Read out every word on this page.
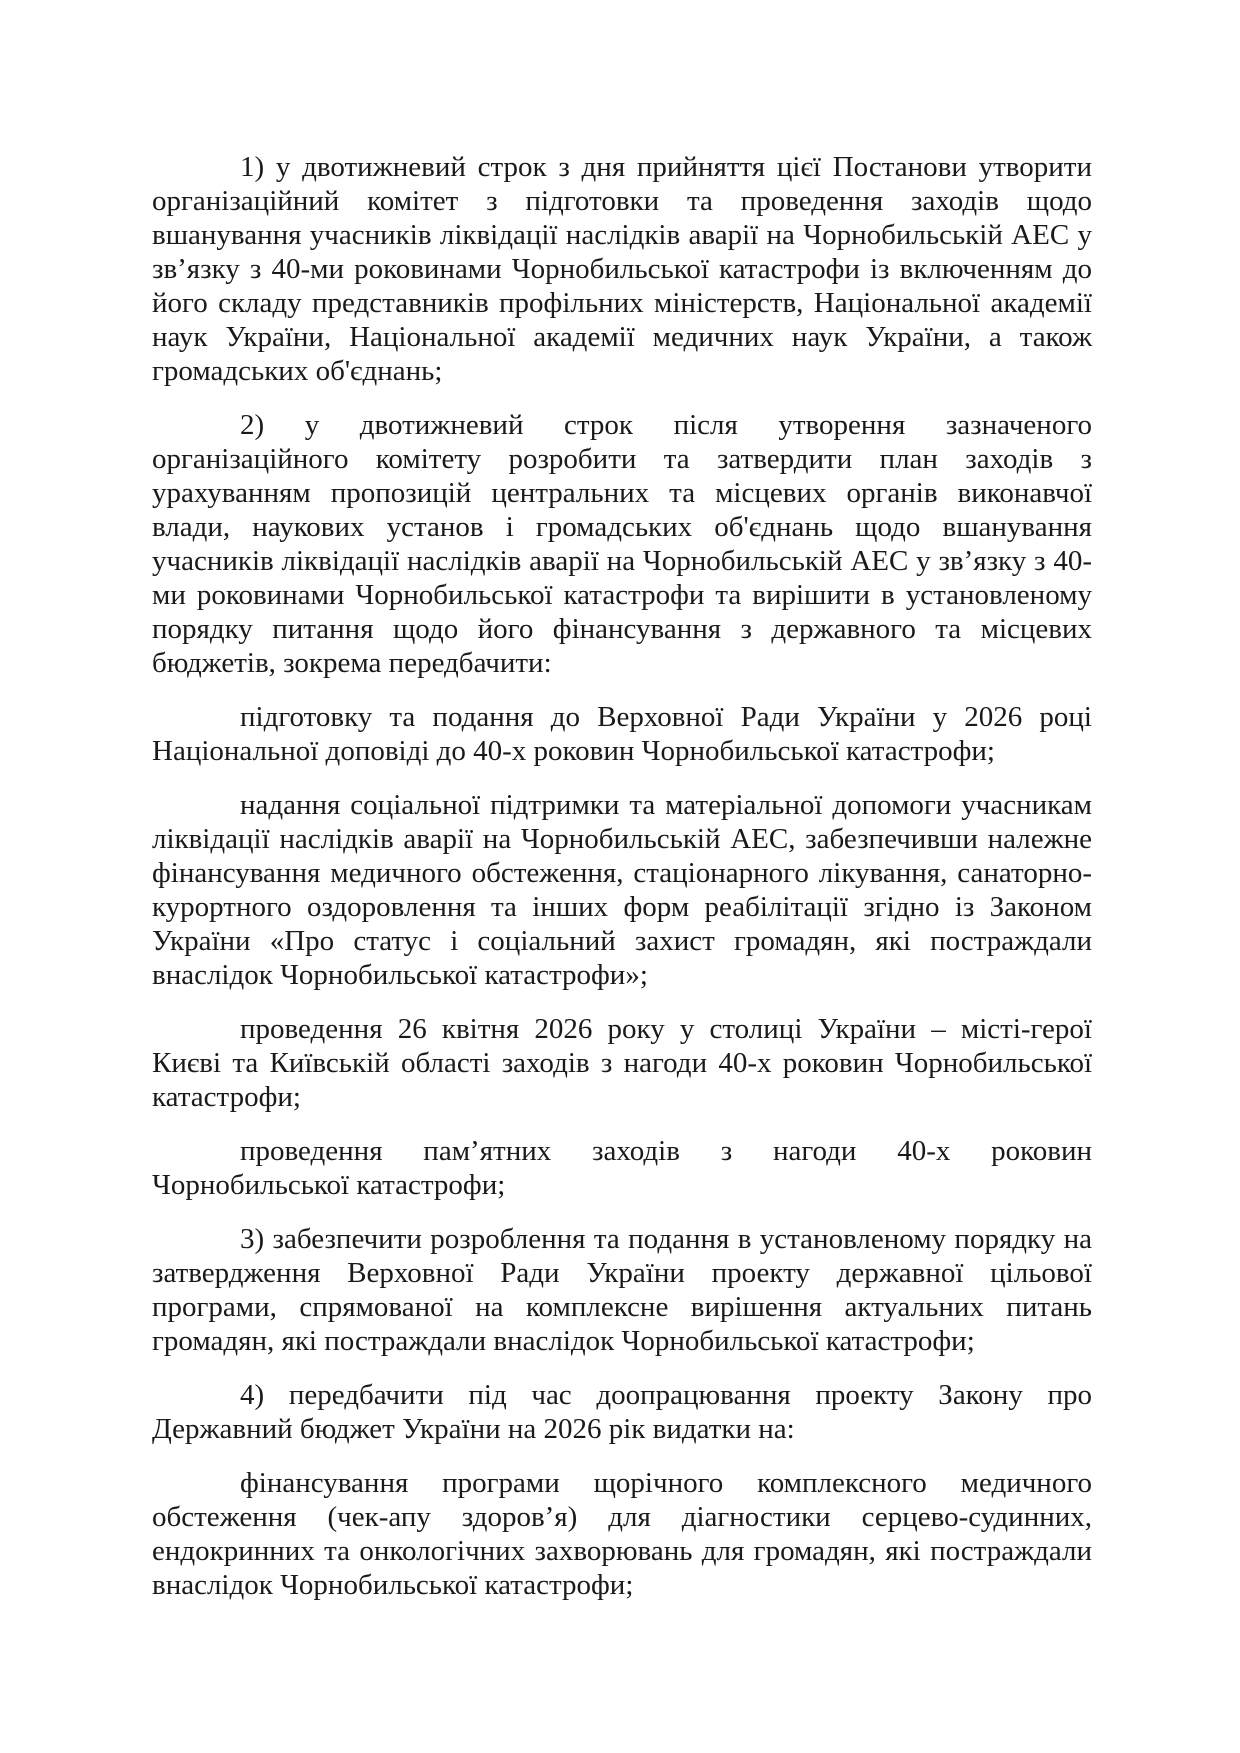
1) у двотижневий строк з дня прийняття цієї Постанови утворити організаційний комітет з підготовки та проведення заходів щодо вшанування учасників ліквідації наслідків аварії на Чорнобильській АЕС у зв’язку з 40-ми роковинами Чорнобильської катастрофи із включенням до його складу представників профільних міністерств, Національної академії наук України, Національної академії медичних наук України, а також громадських об'єднань;

2) у двотижневий строк після утворення зазначеного організаційного комітету розробити та затвердити план заходів з урахуванням пропозицій центральних та місцевих органів виконавчої влади, наукових установ і громадських об'єднань щодо вшанування учасників ліквідації наслідків аварії на Чорнобильській АЕС у зв’язку з 40-ми роковинами Чорнобильської катастрофи та вирішити в установленому порядку питання щодо його фінансування з державного та місцевих бюджетів, зокрема передбачити:

підготовку та подання до Верховної Ради України у 2026 році Національної доповіді до 40-х роковин Чорнобильської катастрофи;

надання соціальної підтримки та матеріальної допомоги учасникам ліквідації наслідків аварії на Чорнобильській АЕС, забезпечивши належне фінансування медичного обстеження, стаціонарного лікування, санаторно-курортного оздоровлення та інших форм реабілітації згідно із Законом України «Про статус і соціальний захист громадян, які постраждали внаслідок Чорнобильської катастрофи»;

проведення 26 квітня 2026 року у столиці України – місті-герої Києві та Київській області заходів з нагоди 40-х роковин Чорнобильської катастрофи;

проведення пам’ятних заходів з нагоди 40-х роковин Чорнобильської катастрофи;

3) забезпечити розроблення та подання в установленому порядку на затвердження Верховної Ради України проекту державної цільової програми, спрямованої на комплексне вирішення актуальних питань громадян, які постраждали внаслідок Чорнобильської катастрофи;

4) передбачити під час доопрацювання проекту Закону про Державний бюджет України на 2026 рік видатки на:

фінансування програми щорічного комплексного медичного обстеження (чек-апу здоров’я) для діагностики серцево-судинних, ендокринних та онкологічних захворювань для громадян, які постраждали внаслідок Чорнобильської катастрофи;
